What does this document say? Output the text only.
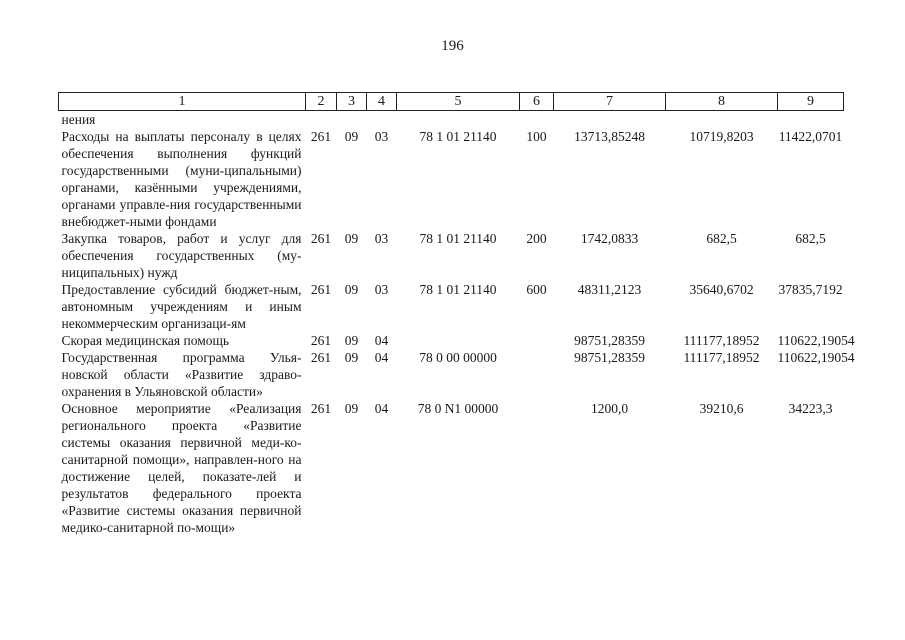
196
1	2	3	4	5	6	7	8	9
нения								
Расходы на выплаты персоналу в целях обеспечения выполнения функций государственными (муни-ципальными) органами, казёнными учреждениями, органами управле-ния государственными внебюджет-ными фондами	261	09	03	78 1 01 21140	100	13713,85248	10719,8203	11422,0701
Закупка товаров, работ и услуг для обеспечения государственных (му-ниципальных) нужд	261	09	03	78 1 01 21140	200	1742,0833	682,5	682,5
Предоставление субсидий бюджет-ным, автономным учреждениям и иным некоммерческим организаци-ям	261	09	03	78 1 01 21140	600	48311,2123	35640,6702	37835,7192
Скорая медицинская помощь	261	09	04			98751,28359	111177,18952	110622,19054
Государственная программа Улья-новской области «Развитие здраво-охранения в Ульяновской области»	261	09	04	78 0 00 00000		98751,28359	111177,18952	110622,19054
Основное мероприятие «Реализация регионального проекта «Развитие системы оказания первичной меди-ко-санитарной помощи», направлен-ного на достижение целей, показате-лей и результатов федерального проекта «Развитие системы оказания первичной медико-санитарной по-мощи»	261	09	04	78 0 N1 00000		1200,0	39210,6	34223,3
